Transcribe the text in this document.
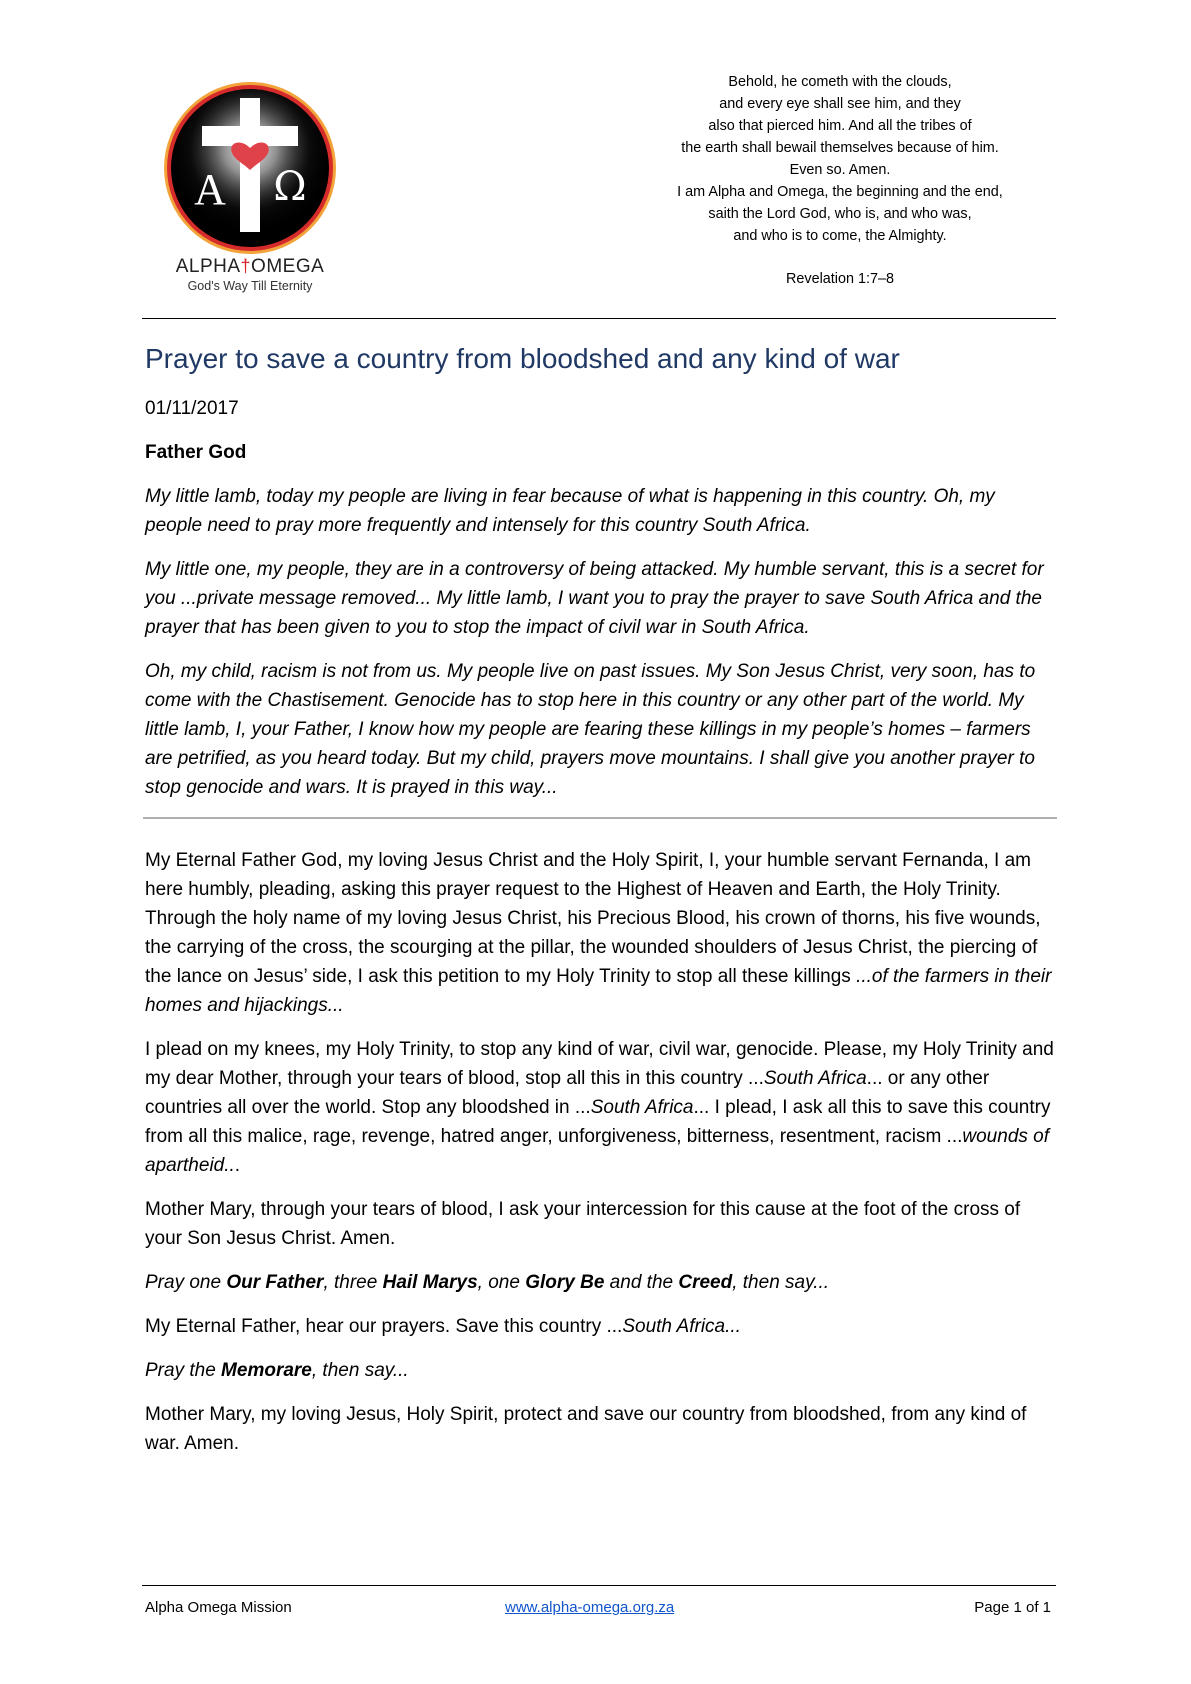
A Ω
ALPHA†OMEGA
God's Way Till Eternity
Behold, he cometh with the clouds,
and every eye shall see him, and they
also that pierced him. And all the tribes of
the earth shall bewail themselves because of him.
Even so. Amen.
I am Alpha and Omega, the beginning and the end,
saith the Lord God, who is, and who was,
and who is to come, the Almighty.
Revelation 1:7–8
Prayer to save a country from bloodshed and any kind of war

01/11/2017

Father God

My little lamb, today my people are living in fear because of what is happening in this country. Oh, my people need to pray more frequently and intensely for this country South Africa.

My little one, my people, they are in a controversy of being attacked. My humble servant, this is a secret for you ...private message removed... My little lamb, I want you to pray the prayer to save South Africa and the prayer that has been given to you to stop the impact of civil war in South Africa.

Oh, my child, racism is not from us. My people live on past issues. My Son Jesus Christ, very soon, has to come with the Chastisement. Genocide has to stop here in this country or any other part of the world. My little lamb, I, your Father, I know how my people are fearing these killings in my people’s homes – farmers are petrified, as you heard today. But my child, prayers move mountains. I shall give you another prayer to stop genocide and wars. It is prayed in this way...

My Eternal Father God, my loving Jesus Christ and the Holy Spirit, I, your humble servant Fernanda, I am here humbly, pleading, asking this prayer request to the Highest of Heaven and Earth, the Holy Trinity. Through the holy name of my loving Jesus Christ, his Precious Blood, his crown of thorns, his five wounds, the carrying of the cross, the scourging at the pillar, the wounded shoulders of Jesus Christ, the piercing of the lance on Jesus’ side, I ask this petition to my Holy Trinity to stop all these killings ...of the farmers in their homes and hijackings...

I plead on my knees, my Holy Trinity, to stop any kind of war, civil war, genocide. Please, my Holy Trinity and my dear Mother, through your tears of blood, stop all this in this country ...South Africa... or any other countries all over the world. Stop any bloodshed in ...South Africa... I plead, I ask all this to save this country from all this malice, rage, revenge, hatred anger, unforgiveness, bitterness, resentment, racism ...wounds of apartheid...

Mother Mary, through your tears of blood, I ask your intercession for this cause at the foot of the cross of your Son Jesus Christ. Amen.

Pray one Our Father, three Hail Marys, one Glory Be and the Creed, then say...

My Eternal Father, hear our prayers. Save this country ...South Africa...

Pray the Memorare, then say...

Mother Mary, my loving Jesus, Holy Spirit, protect and save our country from bloodshed, from any kind of war. Amen.

Alpha Omega Mission	www.alpha-omega.org.za	Page 1 of 1
